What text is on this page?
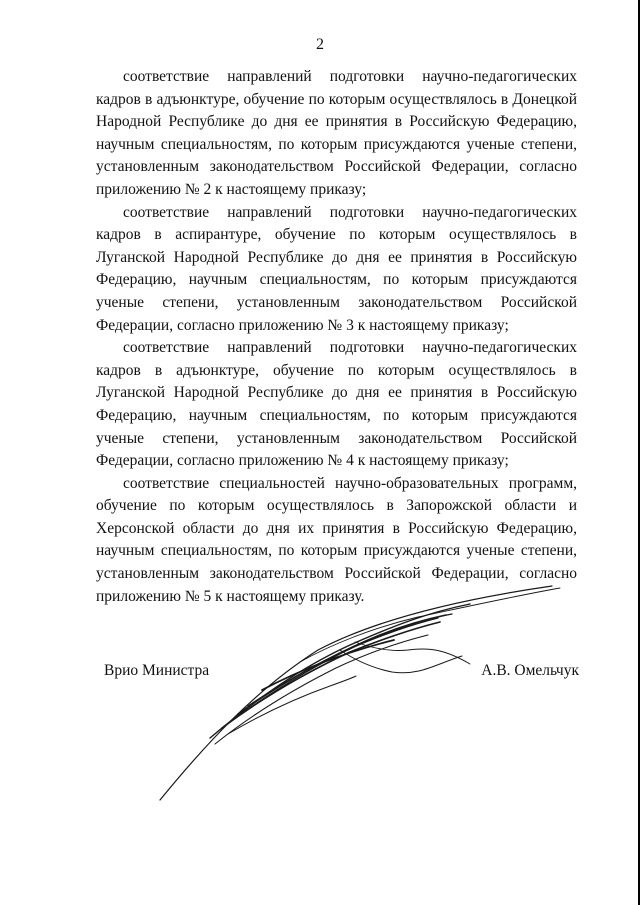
2

соответствие направлений подготовки научно-педагогических кадров в адъюнктуре, обучение по которым осуществлялось в Донецкой Народной Республике до дня ее принятия в Российскую Федерацию, научным специальностям, по которым присуждаются ученые степени, установленным законодательством Российской Федерации, согласно приложению № 2 к настоящему приказу;

соответствие направлений подготовки научно-педагогических кадров в аспирантуре, обучение по которым осуществлялось в Луганской Народной Республике до дня ее принятия в Российскую Федерацию, научным специальностям, по которым присуждаются ученые степени, установленным законодательством Российской Федерации, согласно приложению № 3 к настоящему приказу;

соответствие направлений подготовки научно-педагогических кадров в адъюнктуре, обучение по которым осуществлялось в Луганской Народной Республике до дня ее принятия в Российскую Федерацию, научным специальностям, по которым присуждаются ученые степени, установленным законодательством Российской Федерации, согласно приложению № 4 к настоящему приказу;

соответствие специальностей научно-образовательных программ, обучение по которым осуществлялось в Запорожской области и Херсонской области до дня их принятия в Российскую Федерацию, научным специальностям, по которым присуждаются ученые степени, установленным законодательством Российской Федерации, согласно приложению № 5 к настоящему приказу.

Врио Министра	А.В. Омельчук
